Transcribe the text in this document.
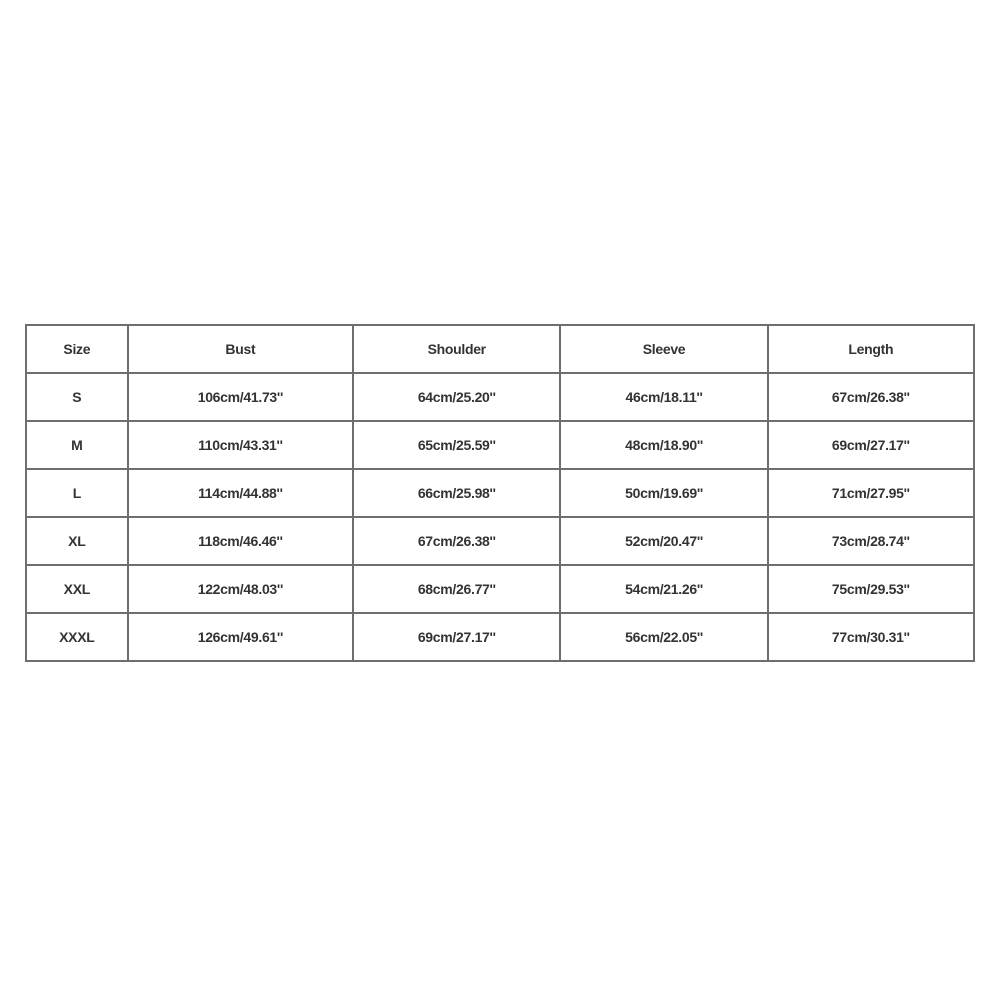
Size	Bust	Shoulder	Sleeve	Length
S	106cm/41.73''	64cm/25.20''	46cm/18.11''	67cm/26.38''
M	110cm/43.31''	65cm/25.59''	48cm/18.90''	69cm/27.17''
L	114cm/44.88''	66cm/25.98''	50cm/19.69''	71cm/27.95''
XL	118cm/46.46''	67cm/26.38''	52cm/20.47''	73cm/28.74''
XXL	122cm/48.03''	68cm/26.77''	54cm/21.26''	75cm/29.53''
XXXL	126cm/49.61''	69cm/27.17''	56cm/22.05''	77cm/30.31''
